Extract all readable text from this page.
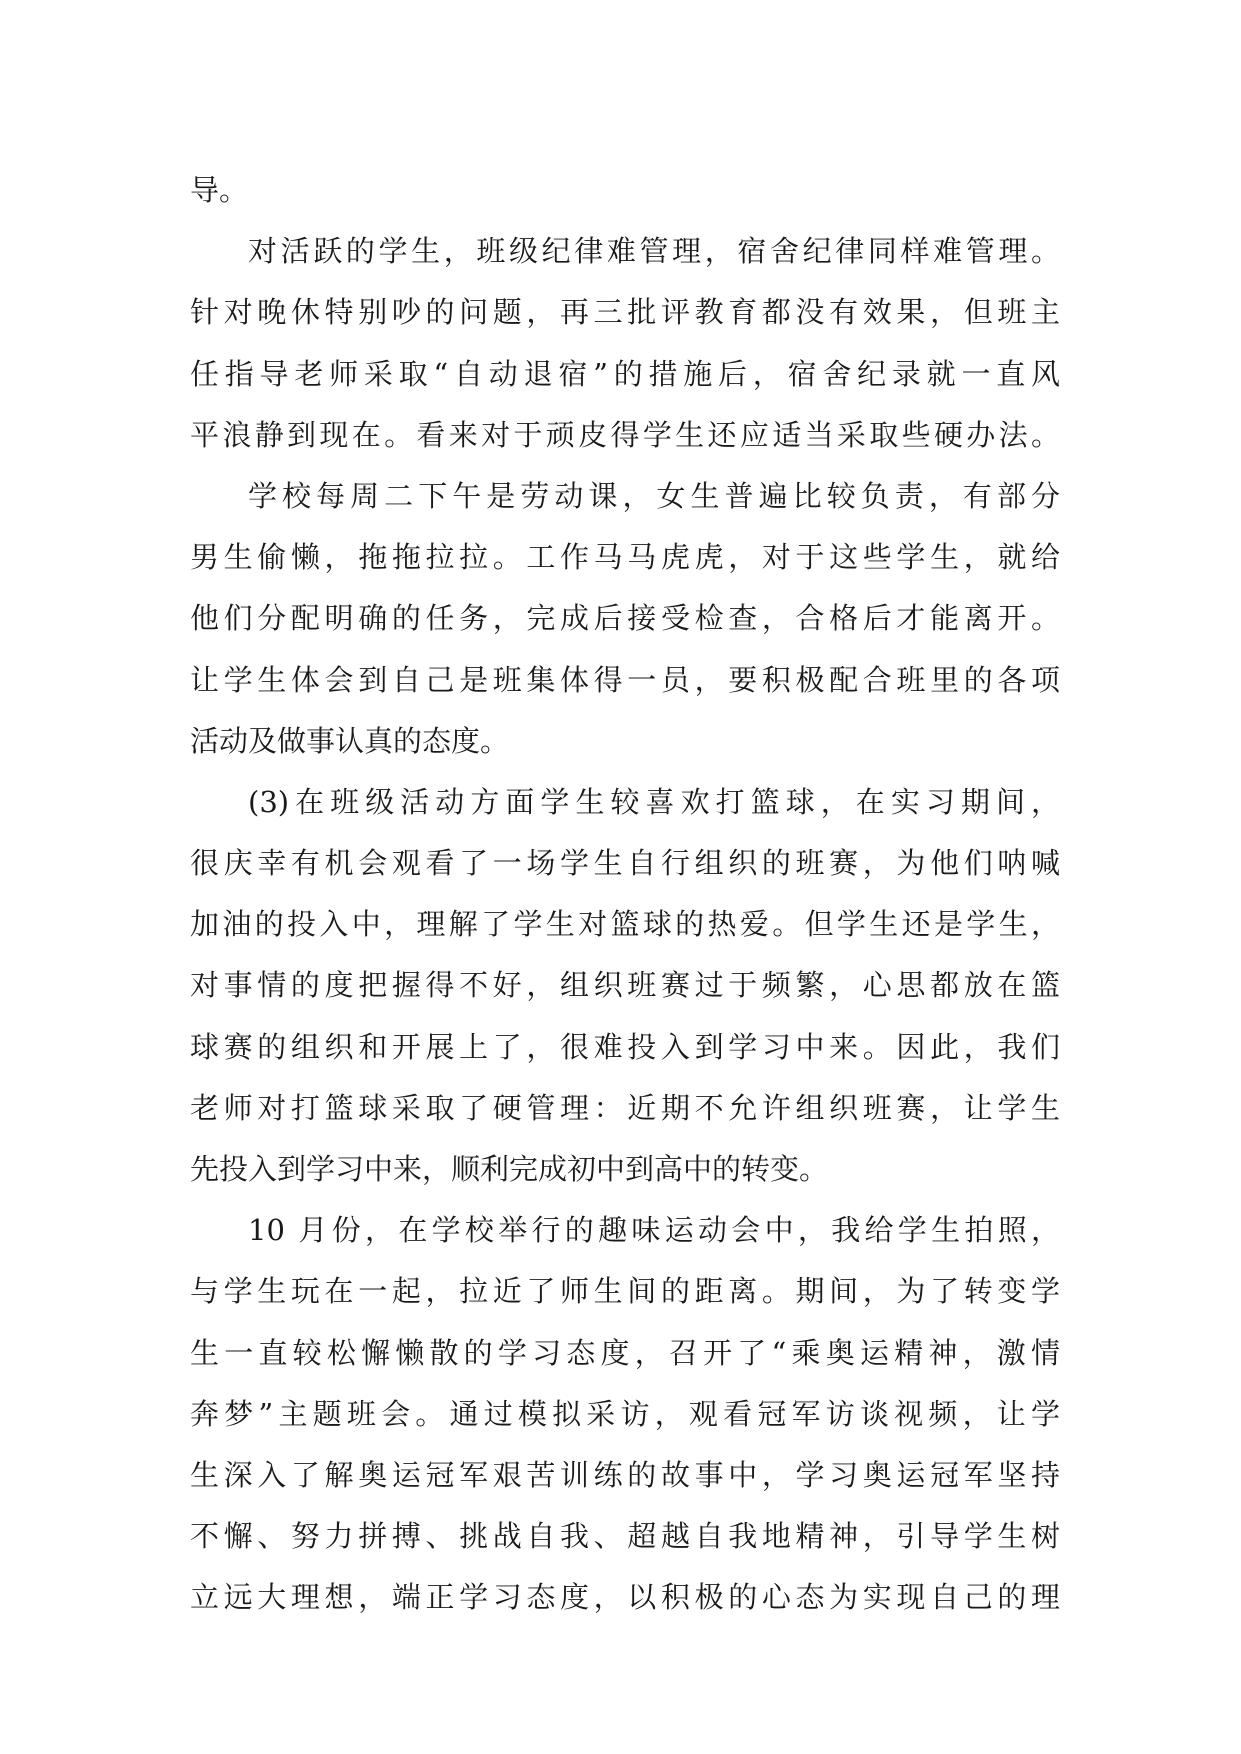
导。
对活跃的学生，班级纪律难管理，宿舍纪律同样难管理。
针对晚休特别吵的问题，再三批评教育都没有效果，但班主
任指导老师采取“自动退宿”的措施后，宿舍纪录就一直风
平浪静到现在。看来对于顽皮得学生还应适当采取些硬办法。
学校每周二下午是劳动课，女生普遍比较负责，有部分
男生偷懒，拖拖拉拉。工作马马虎虎，对于这些学生，就给
他们分配明确的任务，完成后接受检查，合格后才能离开。
让学生体会到自己是班集体得一员，要积极配合班里的各项
活动及做事认真的态度。
(3)在班级活动方面学生较喜欢打篮球，在实习期间，
很庆幸有机会观看了一场学生自行组织的班赛，为他们呐喊
加油的投入中，理解了学生对篮球的热爱。但学生还是学生，
对事情的度把握得不好，组织班赛过于频繁，心思都放在篮
球赛的组织和开展上了，很难投入到学习中来。因此，我们
老师对打篮球采取了硬管理：近期不允许组织班赛，让学生
先投入到学习中来，顺利完成初中到高中的转变。
10 月份，在学校举行的趣味运动会中，我给学生拍照，
与学生玩在一起，拉近了师生间的距离。期间，为了转变学
生一直较松懈懒散的学习态度，召开了“乘奥运精神，激情
奔梦”主题班会。通过模拟采访，观看冠军访谈视频，让学
生深入了解奥运冠军艰苦训练的故事中，学习奥运冠军坚持
不懈、努力拼搏、挑战自我、超越自我地精神，引导学生树
立远大理想，端正学习态度，以积极的心态为实现自己的理
